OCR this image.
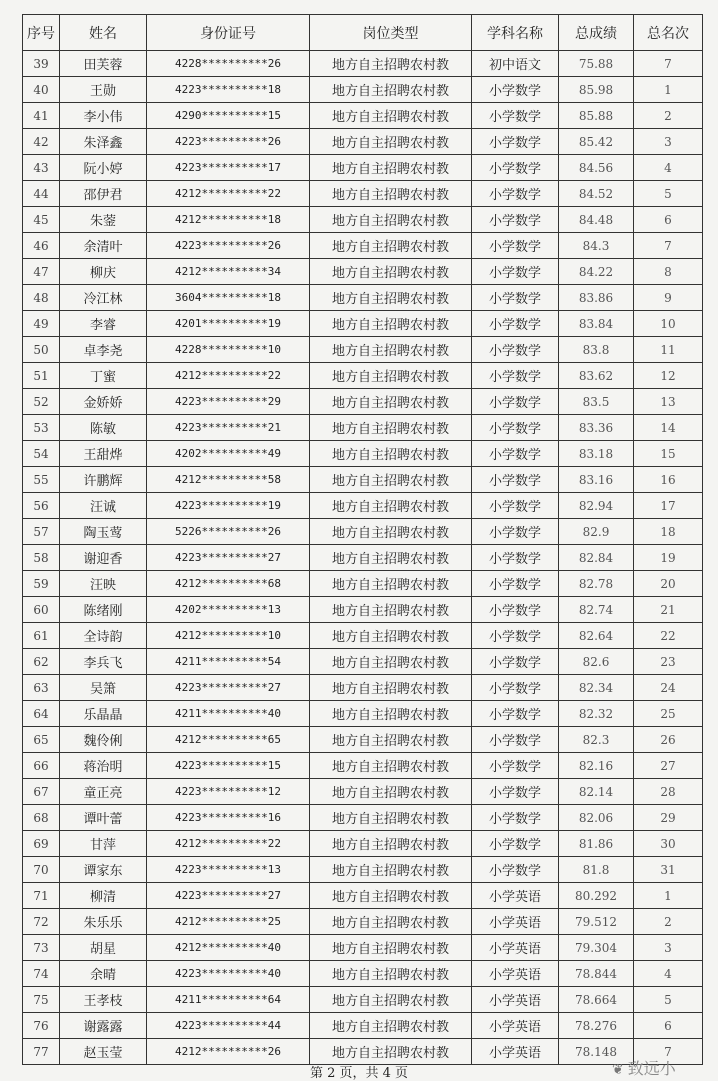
序号	姓名	身份证号	岗位类型	学科名称	总成绩	总名次
39	田芙蓉	4228**********26	地方自主招聘农村教	初中语文	75.88	7
40	王勋	4223**********18	地方自主招聘农村教	小学数学	85.98	1
41	李小伟	4290**********15	地方自主招聘农村教	小学数学	85.88	2
42	朱泽鑫	4223**********26	地方自主招聘农村教	小学数学	85.42	3
43	阮小婷	4223**********17	地方自主招聘农村教	小学数学	84.56	4
44	邵伊君	4212**********22	地方自主招聘农村教	小学数学	84.52	5
45	朱蓥	4212**********18	地方自主招聘农村教	小学数学	84.48	6
46	余清叶	4223**********26	地方自主招聘农村教	小学数学	84.3	7
47	柳庆	4212**********34	地方自主招聘农村教	小学数学	84.22	8
48	冷江林	3604**********18	地方自主招聘农村教	小学数学	83.86	9
49	李睿	4201**********19	地方自主招聘农村教	小学数学	83.84	10
50	卓李尧	4228**********10	地方自主招聘农村教	小学数学	83.8	11
51	丁蜜	4212**********22	地方自主招聘农村教	小学数学	83.62	12
52	金娇娇	4223**********29	地方自主招聘农村教	小学数学	83.5	13
53	陈敏	4223**********21	地方自主招聘农村教	小学数学	83.36	14
54	王甜烨	4202**********49	地方自主招聘农村教	小学数学	83.18	15
55	许鹏辉	4212**********58	地方自主招聘农村教	小学数学	83.16	16
56	汪诚	4223**********19	地方自主招聘农村教	小学数学	82.94	17
57	陶玉莺	5226**********26	地方自主招聘农村教	小学数学	82.9	18
58	谢迎香	4223**********27	地方自主招聘农村教	小学数学	82.84	19
59	汪映	4212**********68	地方自主招聘农村教	小学数学	82.78	20
60	陈绪刚	4202**********13	地方自主招聘农村教	小学数学	82.74	21
61	全诗韵	4212**********10	地方自主招聘农村教	小学数学	82.64	22
62	李兵飞	4211**********54	地方自主招聘农村教	小学数学	82.6	23
63	吴箫	4223**********27	地方自主招聘农村教	小学数学	82.34	24
64	乐晶晶	4211**********40	地方自主招聘农村教	小学数学	82.32	25
65	魏伶俐	4212**********65	地方自主招聘农村教	小学数学	82.3	26
66	蒋治明	4223**********15	地方自主招聘农村教	小学数学	82.16	27
67	童正亮	4223**********12	地方自主招聘农村教	小学数学	82.14	28
68	谭叶蕾	4223**********16	地方自主招聘农村教	小学数学	82.06	29
69	甘萍	4212**********22	地方自主招聘农村教	小学数学	81.86	30
70	谭家东	4223**********13	地方自主招聘农村教	小学数学	81.8	31
71	柳清	4223**********27	地方自主招聘农村教	小学英语	80.292	1
72	朱乐乐	4212**********25	地方自主招聘农村教	小学英语	79.512	2
73	胡星	4212**********40	地方自主招聘农村教	小学英语	79.304	3
74	余晴	4223**********40	地方自主招聘农村教	小学英语	78.844	4
75	王孝枝	4211**********64	地方自主招聘农村教	小学英语	78.664	5
76	谢露露	4223**********44	地方自主招聘农村教	小学英语	78.276	6
77	赵玉莹	4212**********26	地方自主招聘农村教	小学英语	78.148	7
第 2 页，共 4 页	❦ 致远小
